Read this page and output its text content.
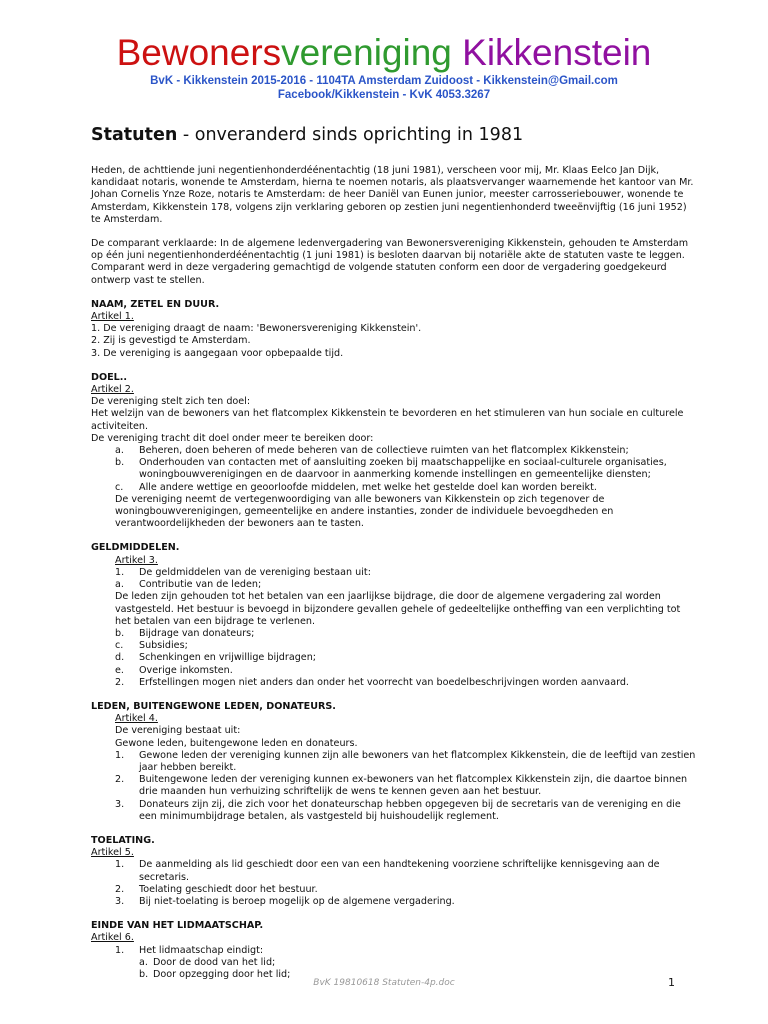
Bewonersvereniging Kikkenstein
BvK - Kikkenstein 2015-2016 - 1104TA Amsterdam Zuidoost - Kikkenstein@Gmail.com
Facebook/Kikkenstein - KvK 4053.3267
Statuten - onveranderd sinds oprichting in 1981

Heden, de achttiende juni negentienhonderdéénentachtig (18 juni 1981), verscheen voor mij, Mr. Klaas Eelco Jan Dijk, kandidaat notaris, wonende te Amsterdam, hierna te noemen notaris, als plaatsvervanger waarnemende het kantoor van Mr. Johan Cornelis Ynze Roze, notaris te Amsterdam: de heer Daniël van Eunen junior, meester carrosseriebouwer, wonende te Amsterdam, Kikkenstein 178, volgens zijn verklaring geboren op zestien juni negentienhonderd tweeënvijftig (16 juni 1952) te Amsterdam.

De comparant verklaarde: In de algemene ledenvergadering van Bewonersvereniging Kikkenstein, gehouden te Amsterdam op één juni negentienhonderdéénentachtig (1 juni 1981) is besloten daarvan bij notariële akte de statuten vaste te leggen. Comparant werd in deze vergadering gemachtigd de volgende statuten conform een door de vergadering goedgekeurd ontwerp vast te stellen.

NAAM, ZETEL EN DUUR.

Artikel 1.

1. De vereniging draagt de naam: 'Bewonersvereniging Kikkenstein'.

2. Zij is gevestigd te Amsterdam.

3. De vereniging is aangegaan voor opbepaalde tijd.

DOEL..

Artikel 2.

De vereniging stelt zich ten doel:

Het welzijn van de bewoners van het flatcomplex Kikkenstein te bevorderen en het stimuleren van hun sociale en culturele activiteiten.

De vereniging tracht dit doel onder meer te bereiken door:

a.	Beheren, doen beheren of mede beheren van de collectieve ruimten van het flatcomplex Kikkenstein;
b.	Onderhouden van contacten met of aansluiting zoeken bij maatschappelijke en sociaal-culturele organisaties, woningbouwverenigingen en de daarvoor in aanmerking komende instellingen en gemeentelijke diensten;
c.	Alle andere wettige en geoorloofde middelen, met welke het gestelde doel kan worden bereikt.

De vereniging neemt de vertegenwoordiging van alle bewoners van Kikkenstein op zich tegenover de woningbouwverenigingen, gemeentelijke en andere instanties, zonder de individuele bevoegdheden en verantwoordelijkheden der bewoners aan te tasten.

GELDMIDDELEN.

Artikel 3.

1.	De geldmiddelen van de vereniging bestaan uit:
a.	Contributie van de leden;

De leden zijn gehouden tot het betalen van een jaarlijkse bijdrage, die door de algemene vergadering zal worden vastgesteld. Het bestuur is bevoegd in bijzondere gevallen gehele of gedeeltelijke ontheffing van een verplichting tot het betalen van een bijdrage te verlenen.

b.	Bijdrage van donateurs;
c.	Subsidies;
d.	Schenkingen en vrijwillige bijdragen;
e.	Overige inkomsten.
2.	Erfstellingen mogen niet anders dan onder het voorrecht van boedelbeschrijvingen worden aanvaard.

LEDEN, BUITENGEWONE LEDEN, DONATEURS.

Artikel 4.

De vereniging bestaat uit:

Gewone leden, buitengewone leden en donateurs.

1.	Gewone leden der vereniging kunnen zijn alle bewoners van het flatcomplex Kikkenstein, die de leeftijd van zestien jaar hebben bereikt.
2.	Buitengewone leden der vereniging kunnen ex-bewoners van het flatcomplex Kikkenstein zijn, die daartoe binnen drie maanden hun verhuizing schriftelijk de wens te kennen geven aan het bestuur.
3.	Donateurs zijn zij, die zich voor het donateurschap hebben opgegeven bij de secretaris van de vereniging en die een minimumbijdrage betalen, als vastgesteld bij huishoudelijk reglement.

TOELATING.

Artikel 5.

1.	De aanmelding als lid geschiedt door een van een handtekening voorziene schriftelijke kennisgeving aan de secretaris.
2.	Toelating geschiedt door het bestuur.
3.	Bij niet-toelating is beroep mogelijk op de algemene vergadering.

EINDE VAN HET LIDMAATSCHAP.

Artikel 6.

1.	Het lidmaatschap eindigt:
a. Door de dood van het lid;
b. Door opzegging door het lid;
BvK 19810618 Statuten-4p.doc	1
